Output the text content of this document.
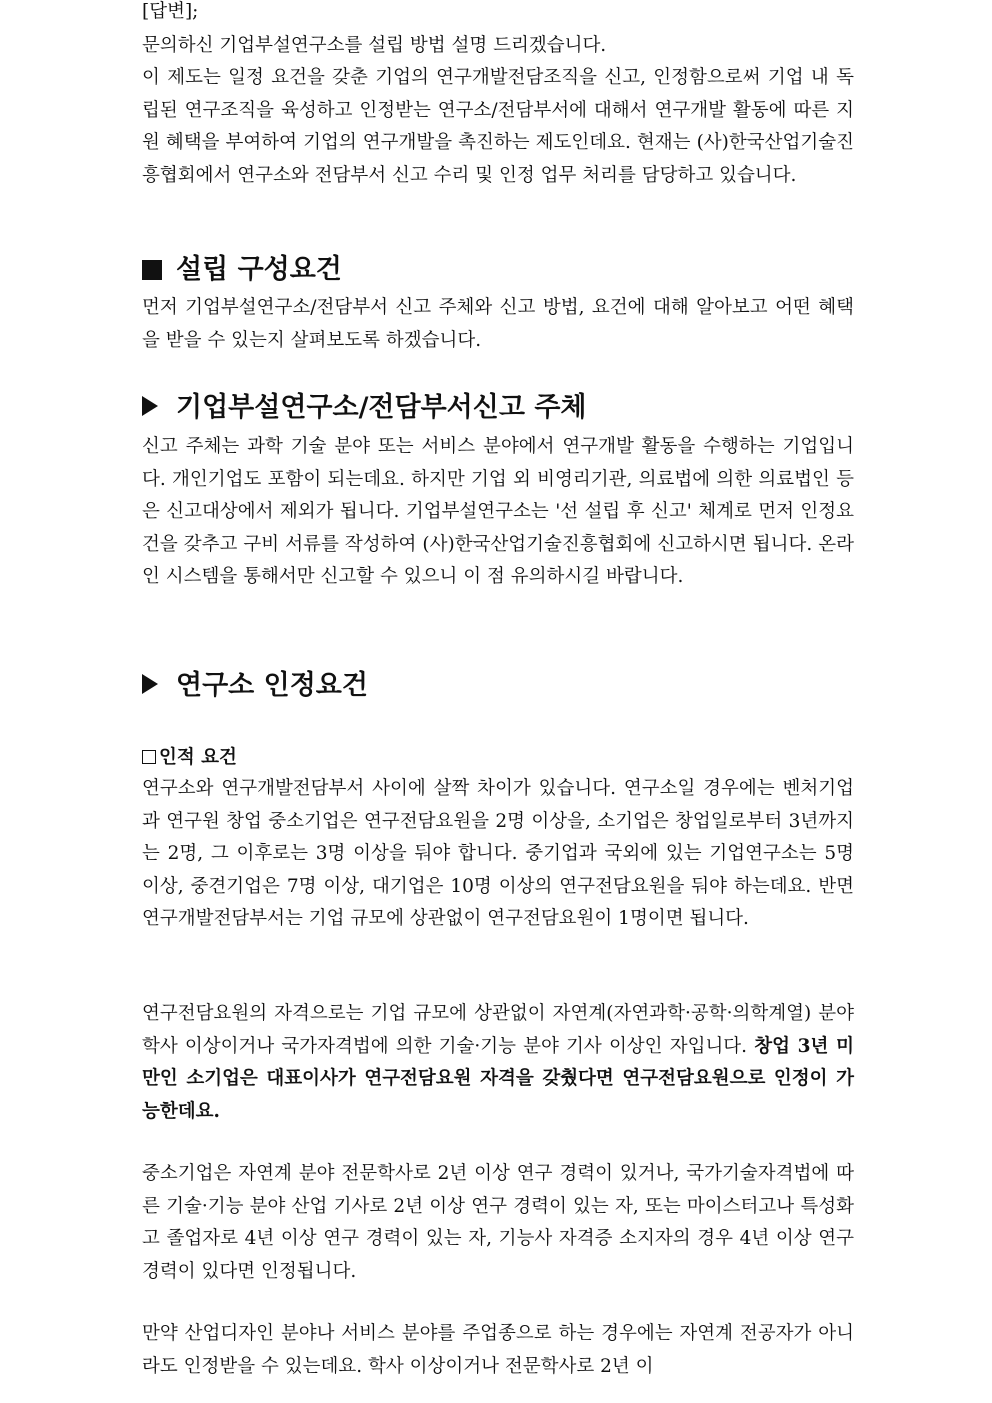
[답변];

문의하신 기업부설연구소를 설립 방법 설명 드리겠습니다.

이 제도는 일정 요건을 갖춘 기업의 연구개발전담조직을 신고, 인정함으로써 기업 내 독립된 연구조직을 육성하고 인정받는 연구소/전담부서에 대해서 연구개발 활동에 따른 지원 혜택을 부여하여 기업의 연구개발을 촉진하는 제도인데요. 현재는 (사)한국산업기술진흥협회에서 연구소와 전담부서 신고 수리 및 인정 업무 처리를 담당하고 있습니다.

설립 구성요건

먼저 기업부설연구소/전담부서 신고 주체와 신고 방법, 요건에 대해 알아보고 어떤 혜택을 받을 수 있는지 살펴보도록 하겠습니다.

기업부설연구소/전담부서신고 주체

신고 주체는 과학 기술 분야 또는 서비스 분야에서 연구개발 활동을 수행하는 기업입니다. 개인기업도 포함이 되는데요. 하지만 기업 외 비영리기관, 의료법에 의한 의료법인 등은 신고대상에서 제외가 됩니다. 기업부설연구소는 '선 설립 후 신고' 체계로 먼저 인정요건을 갖추고 구비 서류를 작성하여 (사)한국산업기술진흥협회에 신고하시면 됩니다. 온라인 시스템을 통해서만 신고할 수 있으니 이 점 유의하시길 바랍니다.

연구소 인정요건

인적 요건

연구소와 연구개발전담부서 사이에 살짝 차이가 있습니다. 연구소일 경우에는 벤처기업과 연구원 창업 중소기업은 연구전담요원을 2명 이상을, 소기업은 창업일로부터 3년까지는 2명, 그 이후로는 3명 이상을 둬야 합니다. 중기업과 국외에 있는 기업연구소는 5명 이상, 중견기업은 7명 이상, 대기업은 10명 이상의 연구전담요원을 둬야 하는데요. 반면 연구개발전담부서는 기업 규모에 상관없이 연구전담요원이 1명이면 됩니다.

연구전담요원의 자격으로는 기업 규모에 상관없이 자연계(자연과학·공학·의학계열) 분야 학사 이상이거나 국가자격법에 의한 기술·기능 분야 기사 이상인 자입니다. 창업 3년 미만인 소기업은 대표이사가 연구전담요원 자격을 갖췄다면 연구전담요원으로 인정이 가능한데요.

중소기업은 자연계 분야 전문학사로 2년 이상 연구 경력이 있거나, 국가기술자격법에 따른 기술·기능 분야 산업 기사로 2년 이상 연구 경력이 있는 자, 또는 마이스터고나 특성화고 졸업자로 4년 이상 연구 경력이 있는 자, 기능사 자격증 소지자의 경우 4년 이상 연구 경력이 있다면 인정됩니다.

만약 산업디자인 분야나 서비스 분야를 주업종으로 하는 경우에는 자연계 전공자가 아니라도 인정받을 수 있는데요. 학사 이상이거나 전문학사로 2년 이
